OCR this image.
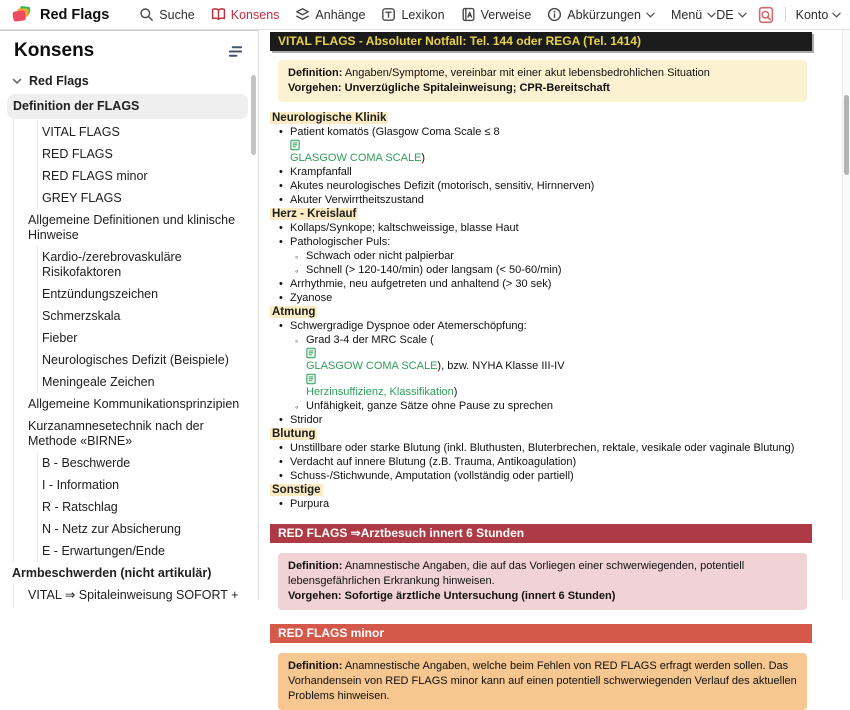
Red Flags	Suche	Konsens	Anhänge	Lexikon	Verweise	Abkürzungen Menü DE	Konto
Konsens
Red Flags
Definition der FLAGS
VITAL FLAGS
RED FLAGS
RED FLAGS minor
GREY FLAGS
Allgemeine Definitionen und klinische Hinweise
Kardio-/zerebrovaskuläre Risikofaktoren
Entzündungszeichen
Schmerzskala
Fieber
Neurologisches Defizit (Beispiele)
Meningeale Zeichen
Allgemeine Kommunikationsprinzipien
Kurzanamnesetechnik nach der Methode «BIRNE»
B - Beschwerde
I - Information
R - Ratschlag
N - Netz zur Absicherung
E - Erwartungen/Ende
Armbeschwerden (nicht artikulär)
VITAL ⇒ Spitaleinweisung SOFORT +
VITAL FLAGS - Absoluter Notfall: Tel. 144 oder REGA (Tel. 1414)
Definition: Angaben/Symptome, vereinbar mit einer akut lebensbedrohlichen Situation
Vorgehen: Unverzügliche Spitaleinweisung; CPR-Bereitschaft
Neurologische Klinik
• Patient komatös (Glasgow Coma Scale ≤ 8
GLASGOW COMA SCALE)
• Krampfanfall
• Akutes neurologisches Defizit (motorisch, sensitiv, Hirnnerven)
• Akuter Verwirrtheitszustand
Herz - Kreislauf
• Kollaps/Synkope; kaltschweissige, blasse Haut
• Pathologischer Puls:
◦ Schwach oder nicht palpierbar
◦ Schnell (> 120-140/min) oder langsam (< 50-60/min)
• Arrhythmie, neu aufgetreten und anhaltend (> 30 sek)
• Zyanose
Atmung
• Schwergradige Dyspnoe oder Atemerschöpfung:
◦ Grad 3-4 der MRC Scale (
GLASGOW COMA SCALE), bzw. NYHA Klasse III-IV
Herzinsuffizienz, Klassifikation)
◦ Unfähigkeit, ganze Sätze ohne Pause zu sprechen
• Stridor
Blutung
• Unstillbare oder starke Blutung (inkl. Bluthusten, Bluterbrechen, rektale, vesikale oder vaginale Blutung)
• Verdacht auf innere Blutung (z.B. Trauma, Antikoagulation)
• Schuss-/Stichwunde, Amputation (vollständig oder partiell)
Sonstige
• Purpura
RED FLAGS ⇒Arztbesuch innert 6 Stunden
Definition: Anamnestische Angaben, die auf das Vorliegen einer schwerwiegenden, potentiell lebensgefährlichen Erkrankung hinweisen.
Vorgehen: Sofortige ärztliche Untersuchung (innert 6 Stunden)
RED FLAGS minor
Definition: Anamnestische Angaben, welche beim Fehlen von RED FLAGS erfragt werden sollen. Das Vorhandensein von RED FLAGS minor kann auf einen potentiell schwerwiegenden Verlauf des aktuellen Problems hinweisen.
